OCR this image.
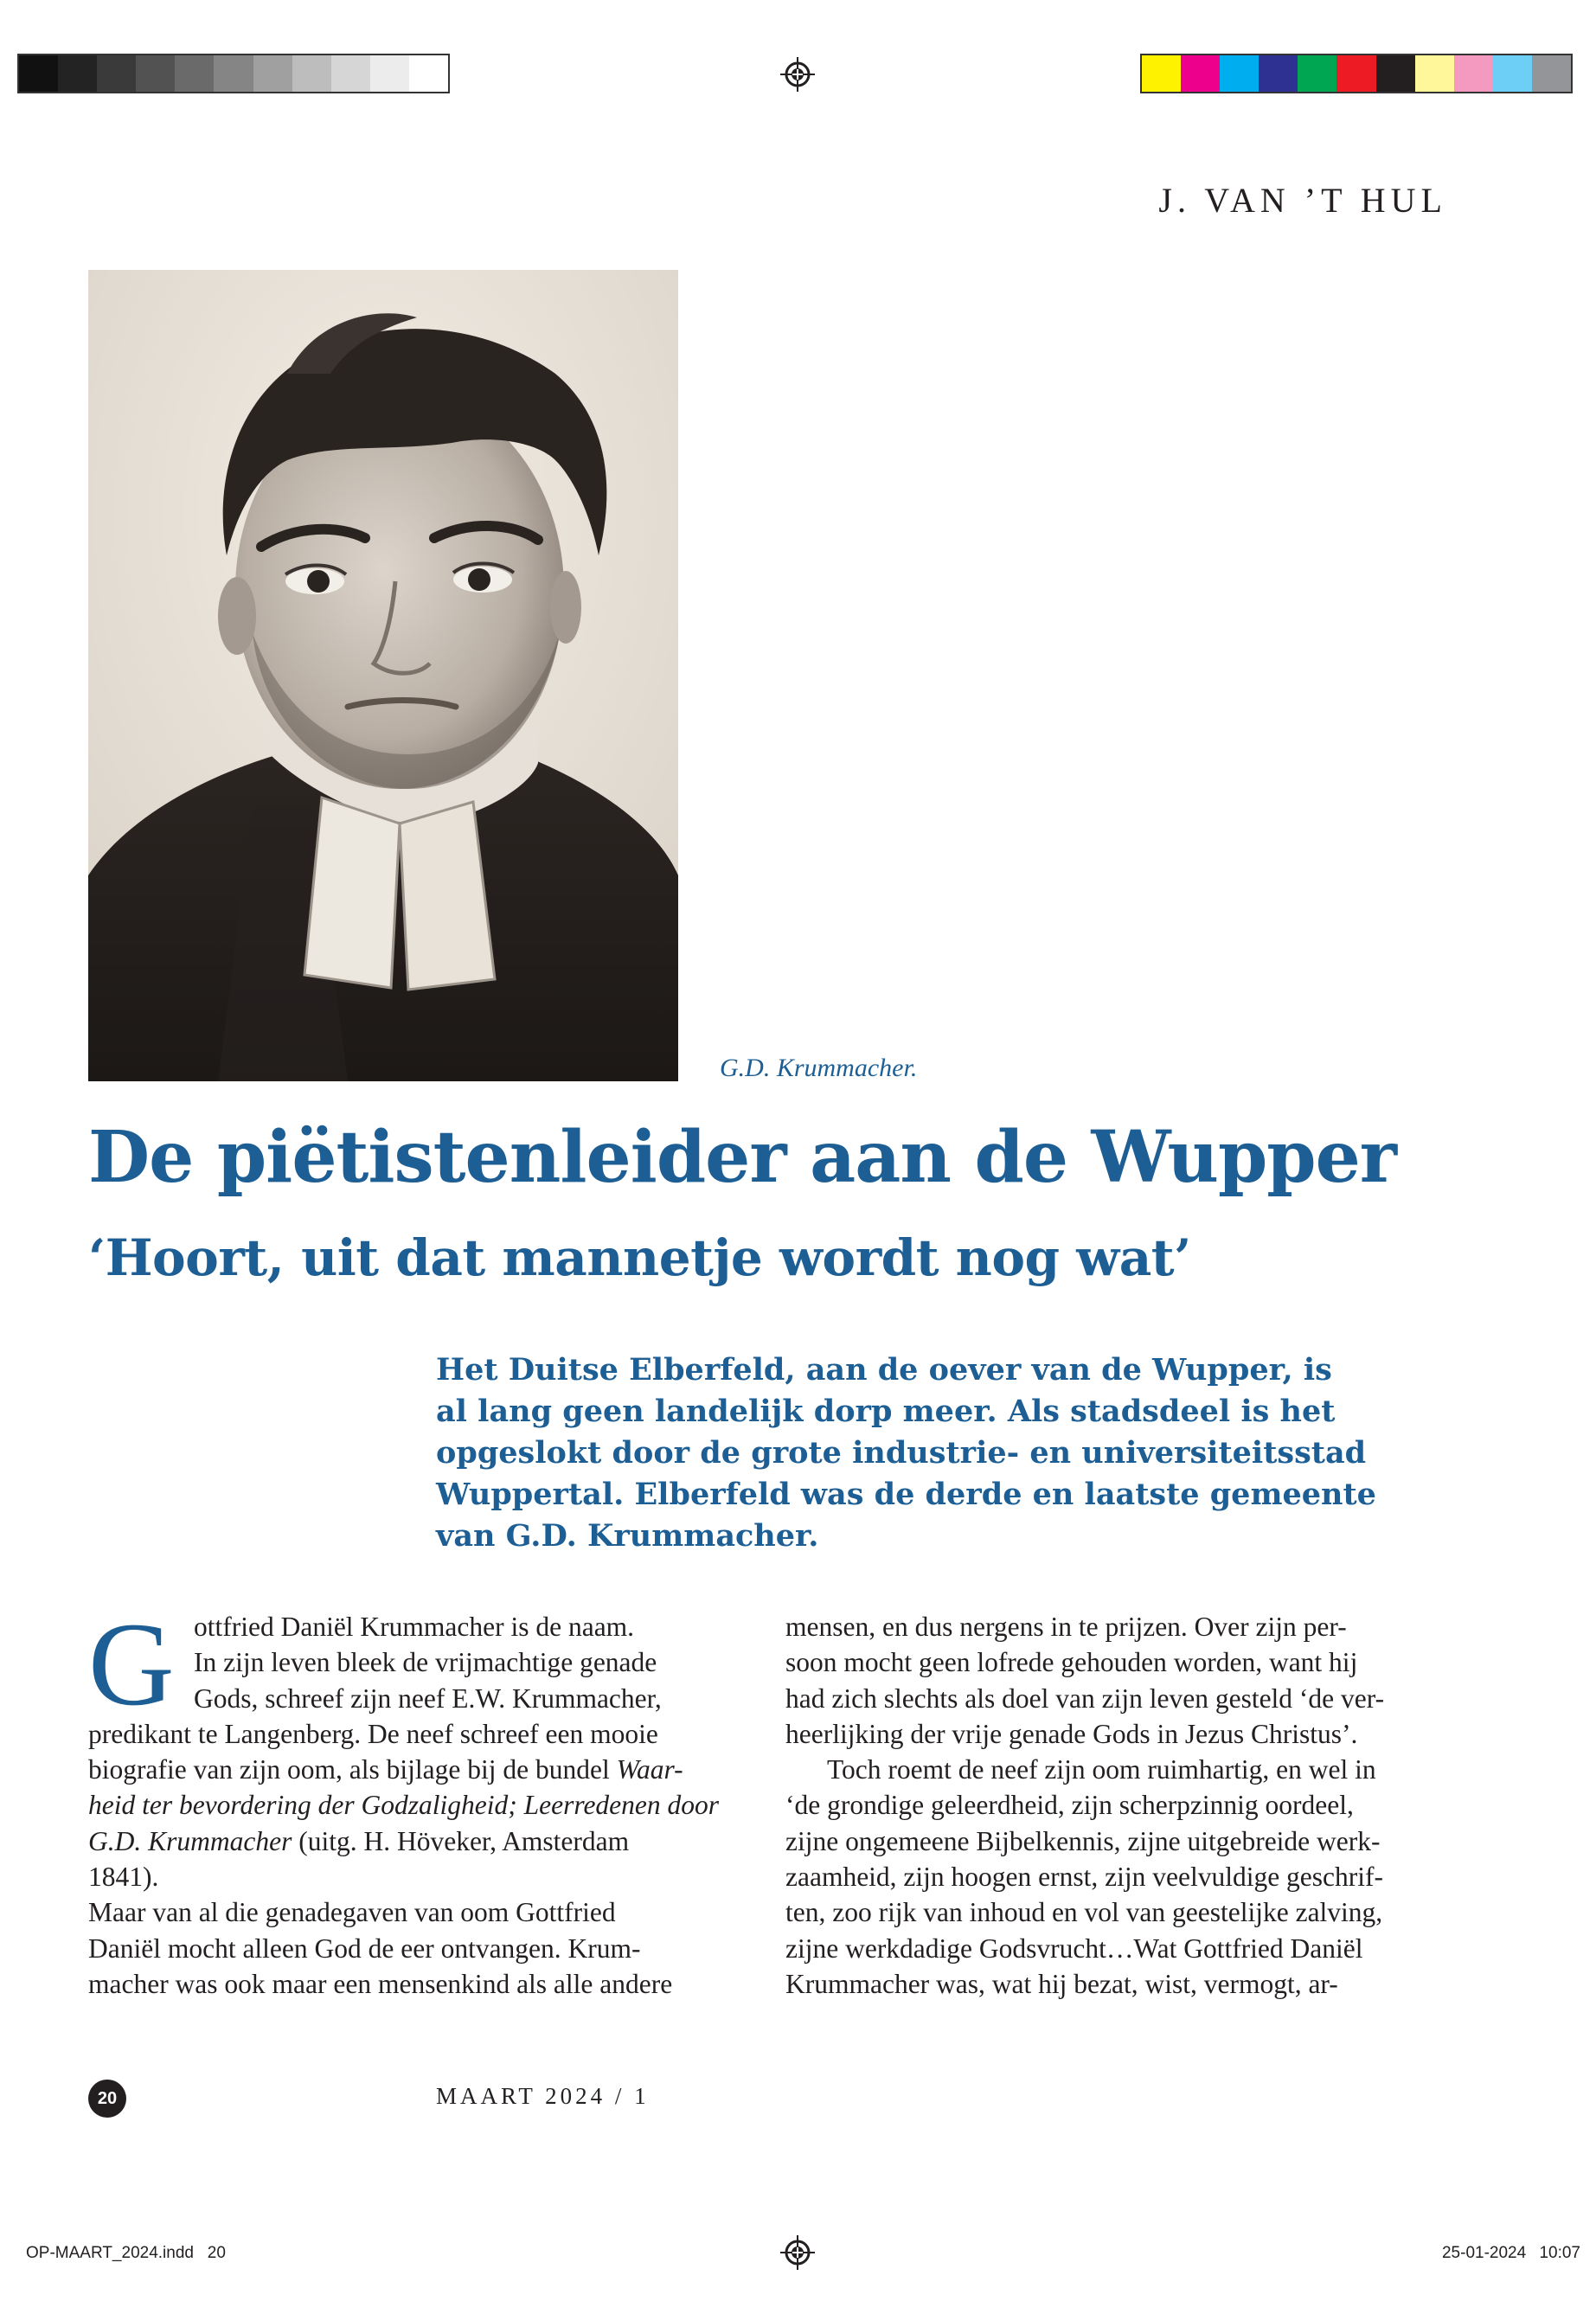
J. VAN ’T HUL
G.D. Krummacher.
De piëtistenleider aan de Wupper
‘Hoort, uit dat mannetje wordt nog wat’
Het Duitse Elberfeld, aan de oever van de Wupper, is
al lang geen landelijk dorp meer. Als stadsdeel is het
opgeslokt door de grote industrie- en universiteitsstad
Wuppertal. Elberfeld was de derde en laatste gemeente
van G.D. Krummacher.
G ottfried Daniël Krummacher is de naam.
In zijn leven bleek de vrijmachtige genade
Gods, schreef zijn neef E.W. Krummacher,
predikant te Langenberg. De neef schreef een mooie
biografie van zijn oom, als bijlage bij de bundel Waar-
heid ter bevordering der Godzaligheid; Leerredenen door
G.D. Krummacher (uitg. H. Höveker, Amsterdam
1841).
Maar van al die genadegaven van oom Gottfried
Daniël mocht alleen God de eer ontvangen. Krum-
macher was ook maar een mensenkind als alle andere
mensen, en dus nergens in te prijzen. Over zijn per-
soon mocht geen lofrede gehouden worden, want hij
had zich slechts als doel van zijn leven gesteld ‘de ver-
heerlijking der vrije genade Gods in Jezus Christus’.
Toch roemt de neef zijn oom ruimhartig, en wel in
‘de grondige geleerdheid, zijn scherpzinnig oordeel,
zijne ongemeene Bijbelkennis, zijne uitgebreide werk-
zaamheid, zijn hoogen ernst, zijn veelvuldige geschrif-
ten, zoo rijk van inhoud en vol van geestelijke zalving,
zijne werkdadige Godsvrucht…Wat Gottfried Daniël
Krummacher was, wat hij bezat, wist, vermogt, ar-
20	MAART 2024 / 1
OP-MAART_2024.indd   20	25-01-2024 10:07
